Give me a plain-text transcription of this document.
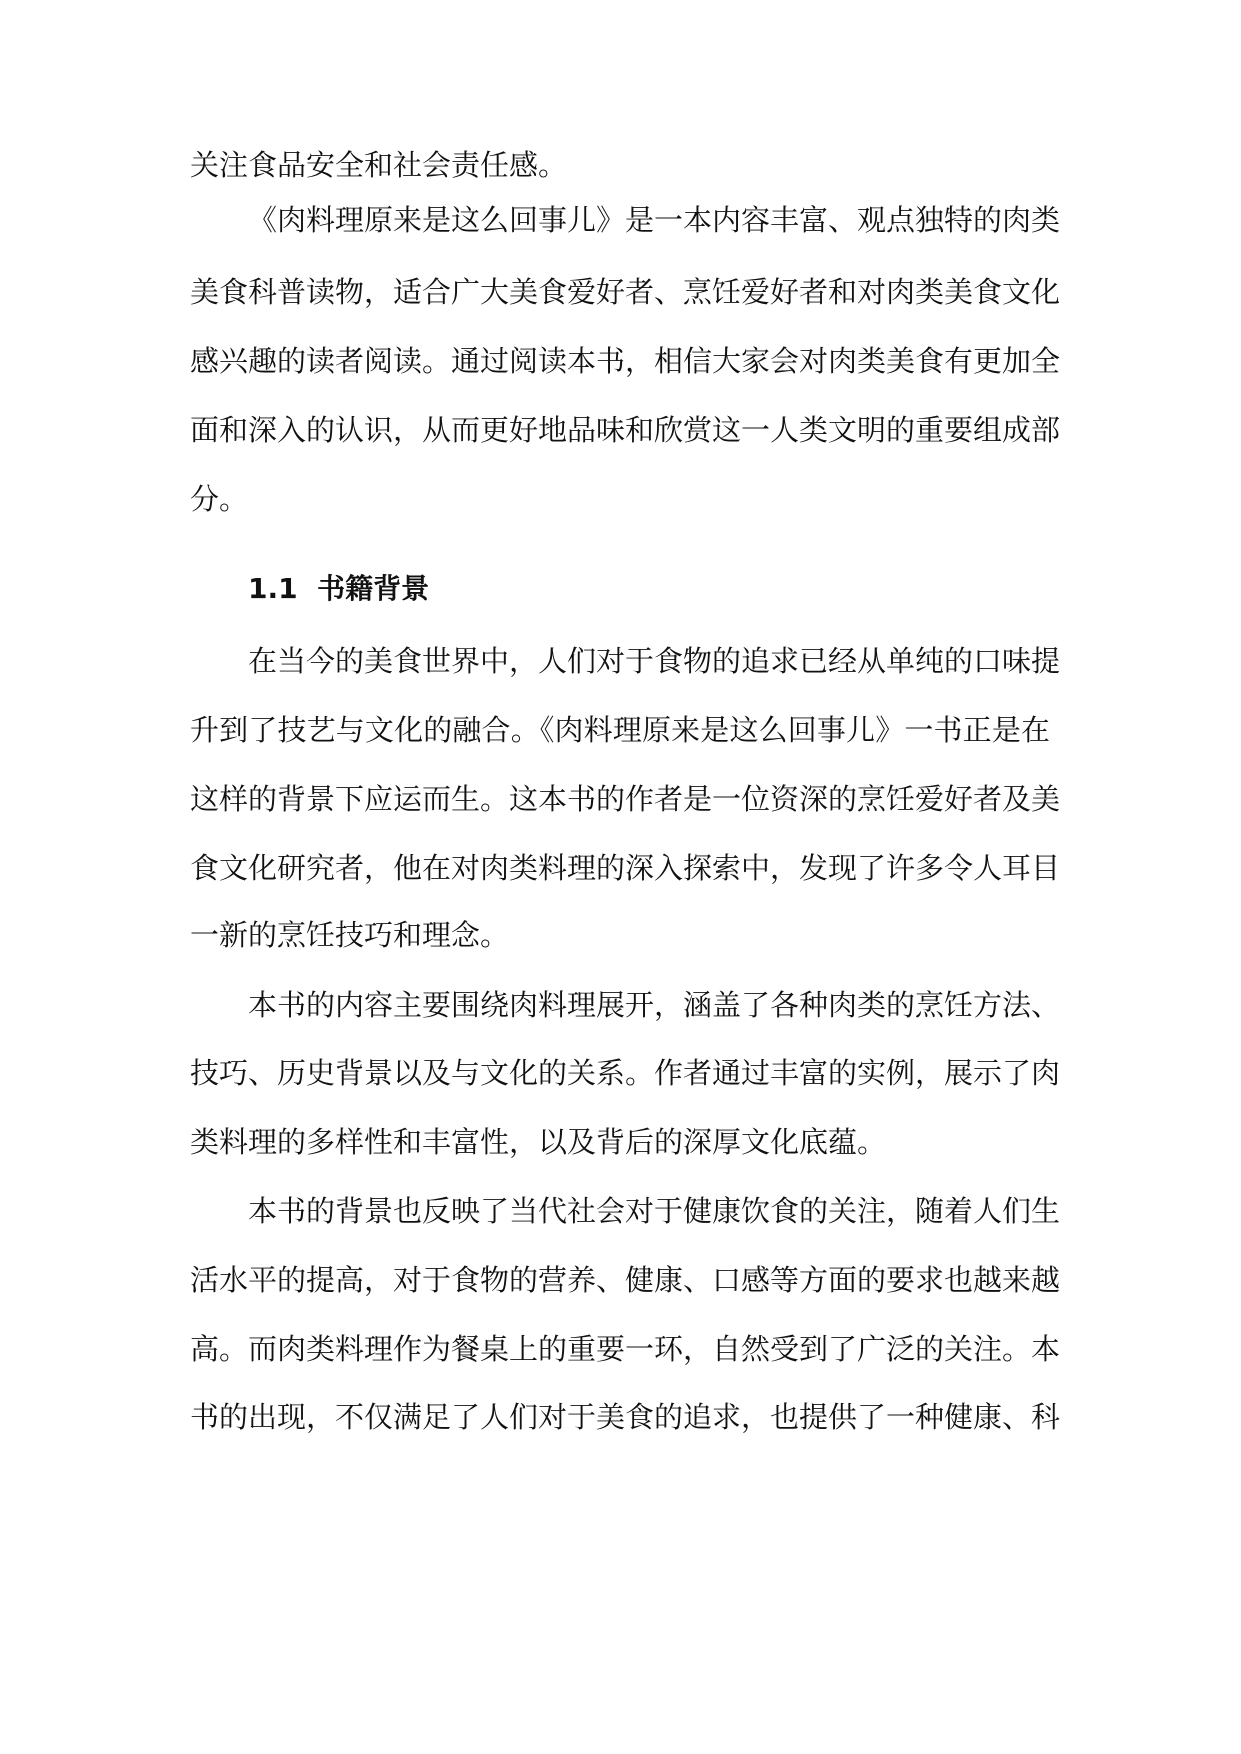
关注食品安全和社会责任感。
《肉料理原来是这么回事儿》是一本内容丰富、观点独特的肉类
美食科普读物，适合广大美食爱好者、烹饪爱好者和对肉类美食文化
感兴趣的读者阅读。通过阅读本书，相信大家会对肉类美食有更加全
面和深入的认识，从而更好地品味和欣赏这一人类文明的重要组成部
分。
1.1 书籍背景
在当今的美食世界中，人们对于食物的追求已经从单纯的口味提
升到了技艺与文化的融合。《肉料理原来是这么回事儿》一书正是在
这样的背景下应运而生。这本书的作者是一位资深的烹饪爱好者及美
食文化研究者，他在对肉类料理的深入探索中，发现了许多令人耳目
一新的烹饪技巧和理念。
本书的内容主要围绕肉料理展开，涵盖了各种肉类的烹饪方法、
技巧、历史背景以及与文化的关系。作者通过丰富的实例，展示了肉
类料理的多样性和丰富性，以及背后的深厚文化底蕴。
本书的背景也反映了当代社会对于健康饮食的关注，随着人们生
活水平的提高，对于食物的营养、健康、口感等方面的要求也越来越
高。而肉类料理作为餐桌上的重要一环，自然受到了广泛的关注。本
书的出现，不仅满足了人们对于美食的追求，也提供了一种健康、科
